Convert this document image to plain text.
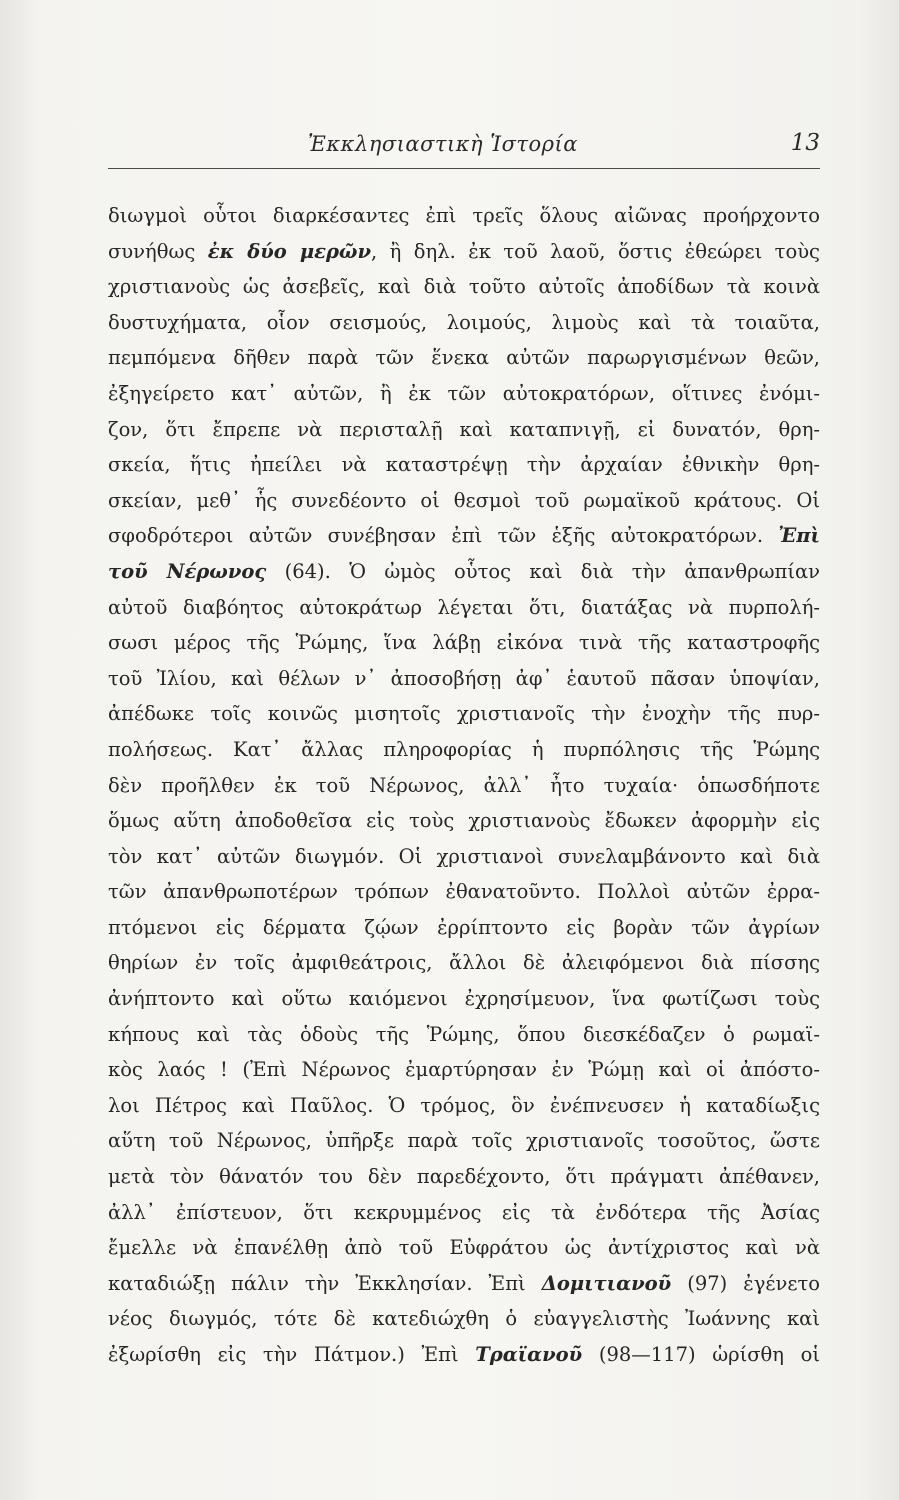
Ἐκκλησιαστικὴ Ἱστορία	13
διωγμοὶ οὗτοι διαρκέσαντες ἐπὶ τρεῖς ὅλους αἰῶνας προήρχοντο
συνήθως ἐκ δύο μερῶν, ἢ δηλ. ἐκ τοῦ λαοῦ, ὅστις ἐθεώρει τοὺς
χριστιανοὺς ὡς ἀσεβεῖς, καὶ διὰ τοῦτο αὐτοῖς ἀποδίδων τὰ κοινὰ
δυστυχήματα, οἷον σεισμούς, λοιμούς, λιμοὺς καὶ τὰ τοιαῦτα,
πεμπόμενα δῆθεν παρὰ τῶν ἕνεκα αὐτῶν παρωργισμένων θεῶν,
ἐξηγείρετο κατ᾽ αὐτῶν, ἢ ἐκ τῶν αὐτοκρατόρων, οἵτινες ἐνόμι-
ζον, ὅτι ἔπρεπε νὰ περισταλῇ καὶ καταπνιγῇ, εἰ δυνατόν, θρη-
σκεία, ἥτις ἠπείλει νὰ καταστρέψῃ τὴν ἀρχαίαν ἐθνικὴν θρη-
σκείαν, μεθ᾽ ἧς συνεδέοντο οἱ θεσμοὶ τοῦ ρωμαϊκοῦ κράτους. Οἱ
σφοδρότεροι αὐτῶν συνέβησαν ἐπὶ τῶν ἑξῆς αὐτοκρατόρων. Ἐπὶ
τοῦ Νέρωνος (64). Ὁ ὠμὸς οὗτος καὶ διὰ τὴν ἀπανθρωπίαν
αὐτοῦ διαβόητος αὐτοκράτωρ λέγεται ὅτι, διατάξας νὰ πυρπολή-
σωσι μέρος τῆς Ῥώμης, ἵνα λάβῃ εἰκόνα τινὰ τῆς καταστροφῆς
τοῦ Ἰλίου, καὶ θέλων ν᾽ ἀποσοβήσῃ ἀφ᾽ ἑαυτοῦ πᾶσαν ὑποψίαν,
ἀπέδωκε τοῖς κοινῶς μισητοῖς χριστιανοῖς τὴν ἐνοχὴν τῆς πυρ-
πολήσεως. Κατ᾽ ἄλλας πληροφορίας ἡ πυρπόλησις τῆς Ῥώμης
δὲν προῆλθεν ἐκ τοῦ Νέρωνος, ἀλλ᾽ ἦτο τυχαία· ὁπωσδήποτε
ὅμως αὕτη ἀποδοθεῖσα εἰς τοὺς χριστιανοὺς ἔδωκεν ἀφορμὴν εἰς
τὸν κατ᾽ αὐτῶν διωγμόν. Οἱ χριστιανοὶ συνελαμβάνοντο καὶ διὰ
τῶν ἀπανθρωποτέρων τρόπων ἐθανατοῦντο. Πολλοὶ αὐτῶν ἐρρα-
πτόμενοι εἰς δέρματα ζῴων ἐρρίπτοντο εἰς βορὰν τῶν ἀγρίων
θηρίων ἐν τοῖς ἀμφιθεάτροις, ἄλλοι δὲ ἀλειφόμενοι διὰ πίσσης
ἀνήπτοντο καὶ οὕτω καιόμενοι ἐχρησίμευον, ἵνα φωτίζωσι τοὺς
κήπους καὶ τὰς ὁδοὺς τῆς Ῥώμης, ὅπου διεσκέδαζεν ὁ ρωμαϊ-
κὸς λαός ! (Ἐπὶ Νέρωνος ἐμαρτύρησαν ἐν Ῥώμῃ καὶ οἱ ἀπόστο-
λοι Πέτρος καὶ Παῦλος. Ὁ τρόμος, ὃν ἐνέπνευσεν ἡ καταδίωξις
αὕτη τοῦ Νέρωνος, ὑπῆρξε παρὰ τοῖς χριστιανοῖς τοσοῦτος, ὥστε
μετὰ τὸν θάνατόν του δὲν παρεδέχοντο, ὅτι πράγματι ἀπέθανεν,
ἀλλ᾽ ἐπίστευον, ὅτι κεκρυμμένος εἰς τὰ ἐνδότερα τῆς Ἀσίας
ἔμελλε νὰ ἐπανέλθῃ ἀπὸ τοῦ Εὐφράτου ὡς ἀντίχριστος καὶ νὰ
καταδιώξῃ πάλιν τὴν Ἐκκλησίαν. Ἐπὶ Δομιτιανοῦ (97) ἐγένετο
νέος διωγμός, τότε δὲ κατεδιώχθη ὁ εὐαγγελιστὴς Ἰωάννης καὶ
ἐξωρίσθη εἰς τὴν Πάτμον.) Ἐπὶ Τραϊανοῦ (98—117) ὡρίσθη οἱ
